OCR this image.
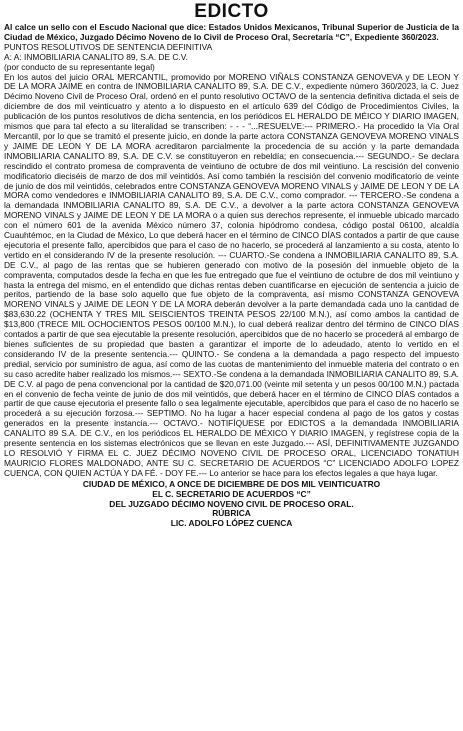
EDICTO

Al calce un sello con el Escudo Nacional que dice: Estados Unidos Mexicanos, Tribunal Superior de Justicia de la Ciudad de México, Juzgado Décimo Noveno de lo Civil de Proceso Oral, Secretaría “C”, Expediente 360/2023.

PUNTOS RESOLUTIVOS DE SENTENCIA DEFINITIVA
A: A: INMOBILIARIA CANALITO 89, S.A. DE C.V.
(por conducto de su representante legal)

En los autos del juicio ORAL MERCANTIL, promovido por MORENO VIÑALS CONSTANZA GENOVEVA y DE LEON Y DE LA MORA JAIME en contra de INMOBILIARIA CANALITO 89, S.A. DE C.V., expediente número 360/2023, la C. Juez Décimo Noveno Civil de Proceso Oral, ordenó en el punto resolutivo OCTAVO de la sentencia definitiva dictada el seis de diciembre de dos mil veinticuatro y atento a lo dispuesto en el artículo 639 del Código de Procedimientos Civiles, la publicación de los puntos resolutivos de dicha sentencia, en los periódicos EL HERALDO DE MÉICO Y DIARIO IMAGEN, mismos que para tal efecto a su literalidad se transcriben: - - - “...RESUELVE:--- PRIMERO.- Ha procedido la Vía Oral Mercantil, por lo que se tramitó el presente juicio, en donde la parte actora CONSTANZA GENOVEVA MORENO VINALS y JAIME DE LEON Y DE LA MORA acreditaron parcialmente la procedencia de su acción y la parte demandada INMOBILIARIA CANALITO 89, S.A. DE C.V. se constituyeron en rebeldía; en consecuencia.--- SEGUNDO.- Se declara rescindido el contrato promesa de compraventa de veintiuno de octubre de dos mil veintiuno. La rescisión del convenio modificatorio dieciséis de marzo de dos mil veintidós. Así como también la rescisión del convenio modificatorio de veinte de junio de dos mil veintidós, celebrados entre CONSTANZA GENOVEVA MORENO VINALS y JAIME DE LEON Y DE LA MORA como vendedores e INMOBILIARIA CANALITO 89, S.A. DE C.V., como comprador. --- TERCERO.-Se condena a la demandada INMOBILIARIA CANALITO 89, S.A. DE C.V., a devolver a la parte actora CONSTANZA GENOVEVA MORENO VINALS y JAIME DE LEON Y DE LA MORA o a quien sus derechos represente, el inmueble ubicado marcado con el número 601 de la avenida México número 37, colonia hipódromo condesa, código postal 06100, alcaldía Cuauhtémoc, en la Ciudad de México, Lo que deberá hacer en el término de CINCO DÍAS contados a partir de que cause ejecutoria el presente fallo, apercibidos que para el caso de no hacerlo, se procederá al lanzamiento a su costa, atento lo vertido en el considerando IV de la presente resolución. --- CUARTO.-Se condena a INMOBILIARIA CANALITO 89, S.A. DE C.V., al pago de las rentas que se hubieren generado con motivo de la posesión del inmueble objeto de la compraventa, computados desde la fecha en que les fue entregado que fue el veintiuno de octubre de dos mil veintiuno y hasta la entrega del mismo, en el entendido que dichas rentas deben cuantificarse en ejecución de sentencia a juicio de peritos, partiendo de la base solo aquello que fue objeto de la compraventa, así mismo CONSTANZA GENOVEVA MORENO VINALS y JAIME DE LEON Y DE LA MORA deberán devolver a la parte demandada cada uno la cantidad de $83,630.22 (OCHENTA Y TRES MIL SEISCIENTOS TREINTA PESOS 22/100 M.N.), así como ambos la cantidad de $13,800 (TRECE MIL OCHOCIENTOS PESOS 00/100 M.N.), lo cual deberá realizar dentro del término de CINCO DÍAS contados a partir de que sea ejecutable la presente resolución, apercibidos que de no hacerlo se procederá al embargo de bienes suficientes de su propiedad que basten a garantizar el importe de lo adeudado, atento lo vertido en el considerando IV de la presente sentencia.--- QUINTO.- Se condena a la demandada a pago respecto del impuesto predial, servicio por suministro de agua, así como de las cuotas de mantenimiento del inmueble materia del contrato o en su caso acredite haber realizado los mismos.--- SEXTO.-Se condena a la demandada INMOBILIARIA CANALITO 89, S.A. DE C.V. al pago de pena convencional por la cantidad de $20,071.00 (veinte mil setenta y un pesos 00/100 M.N.) pactada en el convenio de fecha veinte de junio de dos mil veintidós, que deberá hacer en el término de CINCO DÍAS contados a partir de que cause ejecutoria el presente fallo o sea legalmente ejecutable, apercibidos que para el caso de no hacerlo se procederá a su ejecución forzosa.--- SEPTIMO. No ha lugar a hacer especial condena al pago de los gatos y costas generados en la presente instancia.--- OCTAVO.- NOTIFÍQUESE por EDICTOS a la demandada INMOBILIARIA CANALITO 89 S.A. DE C.V., en los periódicos EL HERALDO DE MÉXICO Y DIARIO IMAGEN, y regístrese copia de la presente sentencia en los sistemas electrónicos que se llevan en este Juzgado.--- ASÍ, DEFINITIVAMENTE JUZGANDO LO RESOLVIÓ Y FIRMA EL C. JUEZ DÉCIMO NOVENO CIVIL DE PROCESO ORAL, LICENCIADO TONATIUH MAURICIO FLORES MALDONADO, ANTE SU C. SECRETARIO DE ACUERDOS “C” LICENCIADO ADOLFO LOPEZ CUENCA, CON QUIEN ACTÚA Y DA FÉ. - DOY FE.--- Lo anterior se hace para los efectos legales a que haya lugar.

CIUDAD DE MÉXICO, A ONCE DE DICIEMBRE DE DOS MIL VEINTICUATRO
EL C. SECRETARIO DE ACUERDOS “C”
DEL JUZGADO DÉCIMO NOVENO CIVIL DE PROCESO ORAL.
RÚBRICA
LIC. ADOLFO LÓPEZ CUENCA
